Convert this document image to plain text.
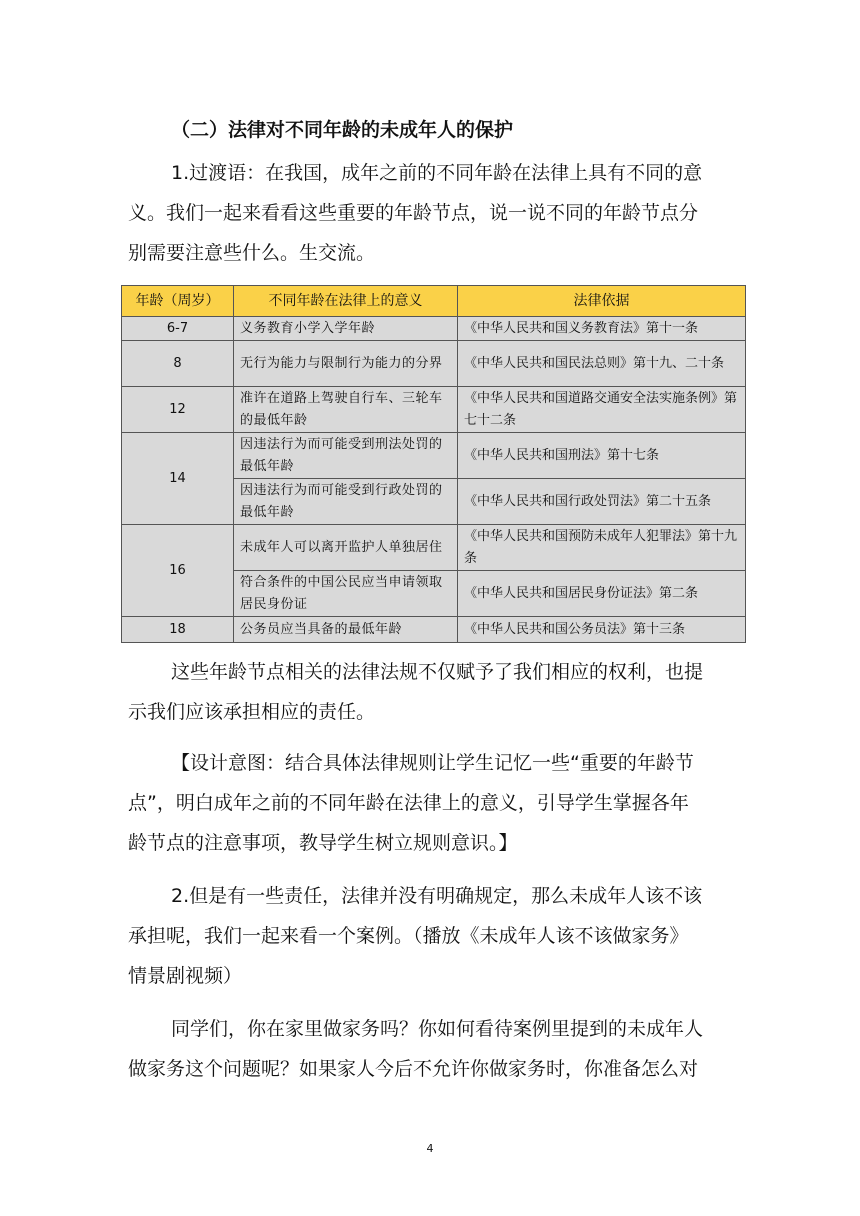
（二）法律对不同年龄的未成年人的保护
1.过渡语：在我国，成年之前的不同年龄在法律上具有不同的意
义。我们一起来看看这些重要的年龄节点，说一说不同的年龄节点分
别需要注意些什么。生交流。
年龄（周岁）	不同年龄在法律上的意义	法律依据
6-7	义务教育小学入学年龄	《中华人民共和国义务教育法》第十一条
8	无行为能力与限制行为能力的分界	《中华人民共和国民法总则》第十九、二十条
12	准许在道路上驾驶自行车、三轮车的最低年龄	《中华人民共和国道路交通安全法实施条例》第七十二条
14	因违法行为而可能受到刑法处罚的最低年龄	《中华人民共和国刑法》第十七条
	因违法行为而可能受到行政处罚的最低年龄	《中华人民共和国行政处罚法》第二十五条
16	未成年人可以离开监护人单独居住	《中华人民共和国预防未成年人犯罪法》第十九条
	符合条件的中国公民应当申请领取居民身份证	《中华人民共和国居民身份证法》第二条
18	公务员应当具备的最低年龄	《中华人民共和国公务员法》第十三条
这些年龄节点相关的法律法规不仅赋予了我们相应的权利，也提
示我们应该承担相应的责任。
【设计意图：结合具体法律规则让学生记忆一些“重要的年龄节
点”，明白成年之前的不同年龄在法律上的意义，引导学生掌握各年
龄节点的注意事项，教导学生树立规则意识。】
2.但是有一些责任，法律并没有明确规定，那么未成年人该不该
承担呢，我们一起来看一个案例。（播放《未成年人该不该做家务》
情景剧视频）
同学们，你在家里做家务吗？你如何看待案例里提到的未成年人
做家务这个问题呢？如果家人今后不允许你做家务时，你准备怎么对
4
